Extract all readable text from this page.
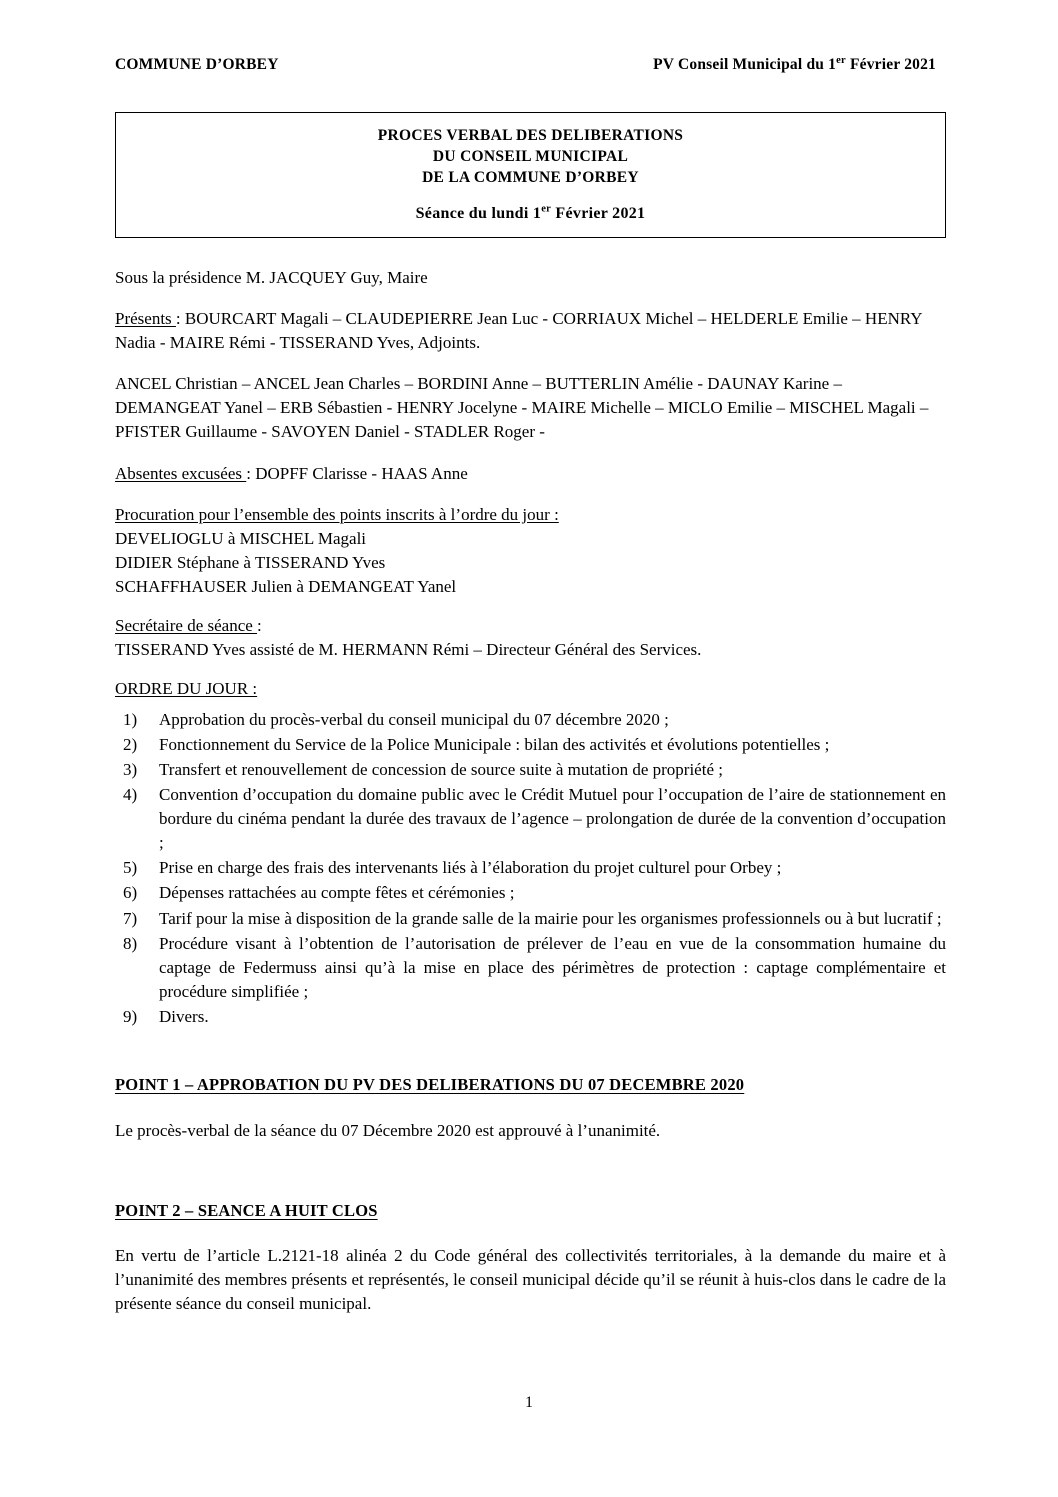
COMMUNE D’ORBEY	PV Conseil Municipal du 1er Février 2021
PROCES VERBAL DES DELIBERATIONS
DU CONSEIL MUNICIPAL
DE LA COMMUNE D’ORBEY
Séance du lundi 1er Février 2021

Sous la présidence M. JACQUEY Guy, Maire

Présents : BOURCART Magali – CLAUDEPIERRE Jean Luc - CORRIAUX Michel – HELDERLE Emilie – HENRY Nadia - MAIRE Rémi - TISSERAND Yves, Adjoints.

ANCEL Christian – ANCEL Jean Charles – BORDINI Anne – BUTTERLIN Amélie - DAUNAY Karine – DEMANGEAT Yanel – ERB Sébastien - HENRY Jocelyne - MAIRE Michelle – MICLO Emilie – MISCHEL Magali – PFISTER Guillaume - SAVOYEN Daniel - STADLER Roger -

Absentes excusées : DOPFF Clarisse - HAAS Anne

Procuration pour l’ensemble des points inscrits à l’ordre du jour :

DEVELIOGLU à MISCHEL Magali

DIDIER Stéphane à TISSERAND Yves

SCHAFFHAUSER Julien à DEMANGEAT Yanel

Secrétaire de séance :

TISSERAND Yves assisté de M. HERMANN Rémi – Directeur Général des Services.

ORDRE DU JOUR :

1)	Approbation du procès-verbal du conseil municipal du 07 décembre 2020 ;
2)	Fonctionnement du Service de la Police Municipale : bilan des activités et évolutions potentielles ;
3)	Transfert et renouvellement de concession de source suite à mutation de propriété ;
4)	Convention d’occupation du domaine public avec le Crédit Mutuel pour l’occupation de l’aire de stationnement en bordure du cinéma pendant la durée des travaux de l’agence – prolongation de durée de la convention d’occupation ;
5)	Prise en charge des frais des intervenants liés à l’élaboration du projet culturel pour Orbey ;
6)	Dépenses rattachées au compte fêtes et cérémonies ;
7)	Tarif pour la mise à disposition de la grande salle de la mairie pour les organismes professionnels ou à but lucratif ;
8)	Procédure visant à l’obtention de l’autorisation de prélever de l’eau en vue de la consommation humaine du captage de Federmuss ainsi qu’à la mise en place des périmètres de protection : captage complémentaire et procédure simplifiée ;
9)	Divers.
POINT 1 – APPROBATION DU PV DES DELIBERATIONS DU 07 DECEMBRE 2020

Le procès-verbal de la séance du 07 Décembre 2020 est approuvé à l’unanimité.

POINT 2 – SEANCE A HUIT CLOS

En vertu de l’article L.2121-18 alinéa 2 du Code général des collectivités territoriales, à la demande du maire et à l’unanimité des membres présents et représentés, le conseil municipal décide qu’il se réunit à huis-clos dans le cadre de la présente séance du conseil municipal.

1
